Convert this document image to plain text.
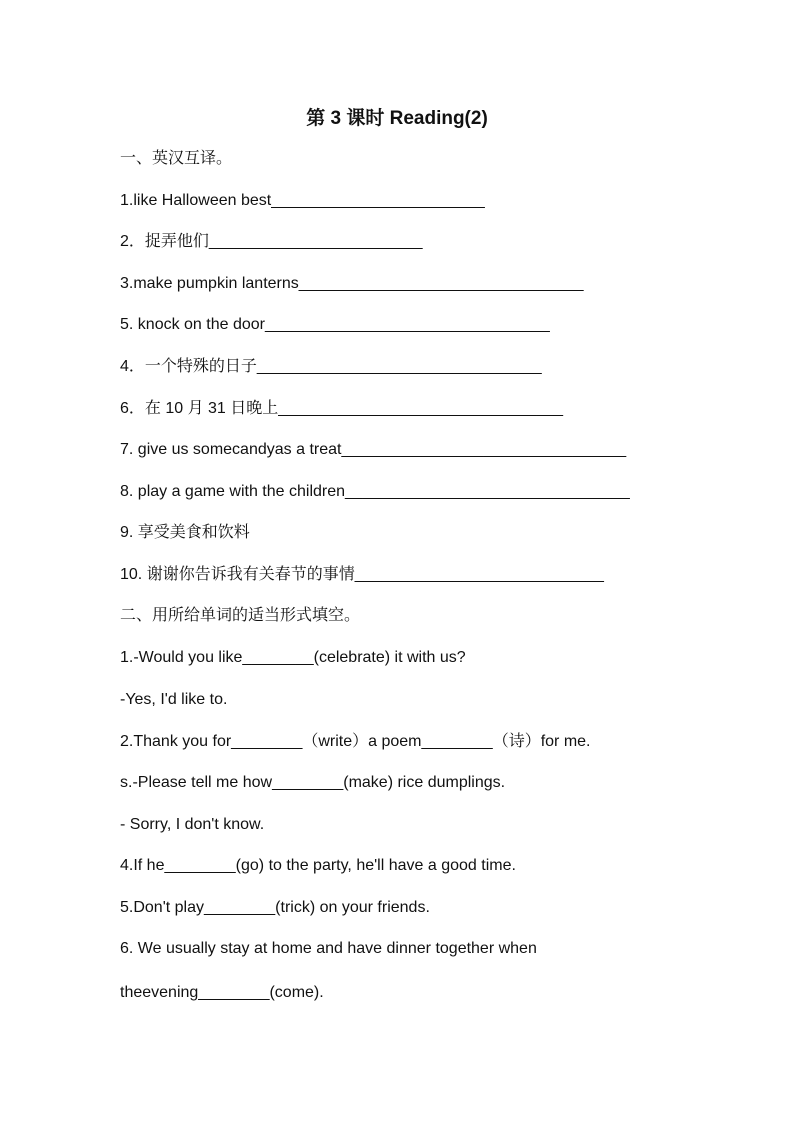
第 3 课时 Reading(2)
一、英汉互译。
1.like Halloween best________________________
2．捉弄他们________________________
3.make pumpkin lanterns________________________________
5. knock on the door________________________________
4．一个特殊的日子________________________________
6．在 10 月 31 日晚上________________________________
7. give us somecandyas a treat________________________________
8. play a game with the children________________________________
9. 享受美食和饮料
10. 谢谢你告诉我有关春节的事情____________________________
二、用所给单词的适当形式填空。
1.-Would you like________(celebrate) it with us?
-Yes, I'd like to.
2.Thank you for________（write）a poem________（诗）for me.
s.-Please tell me how________(make) rice dumplings.
- Sorry, I don't know.
4.If he________(go) to the party, he'll have a good time.
5.Don't play________(trick) on your friends.
6. We usually stay at home and have dinner together when
theevening________(come).
